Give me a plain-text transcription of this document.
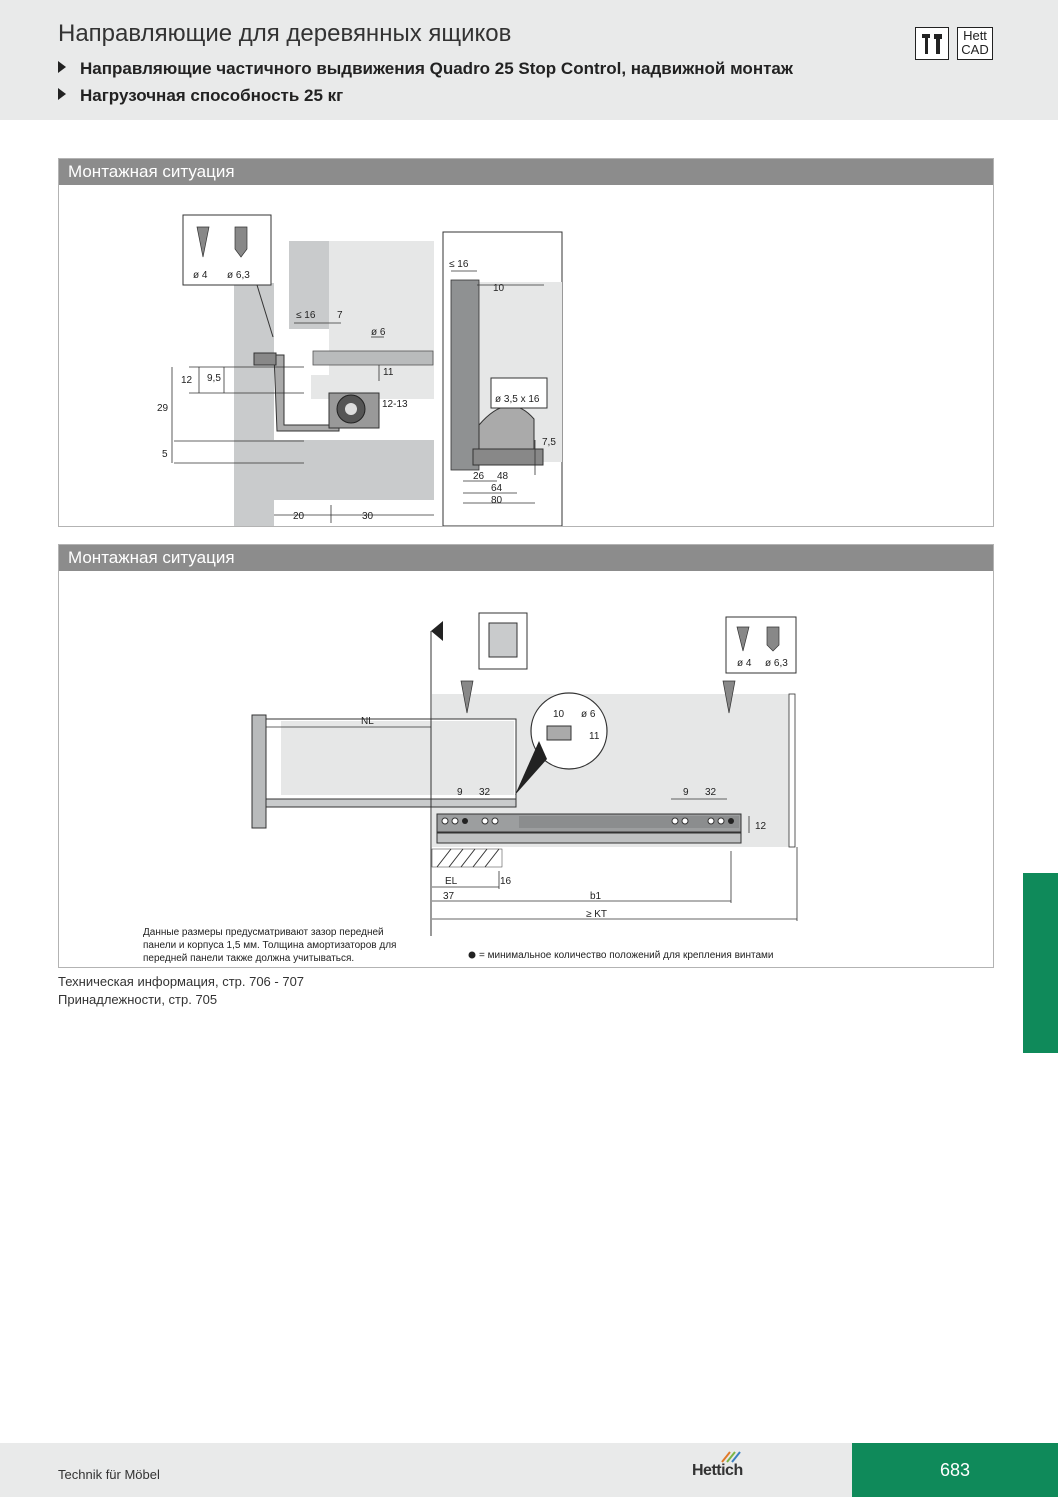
Направляющие для деревянных ящиков
Направляющие частичного выдвижения Quadro 25 Stop Control, надвижной монтаж
Нагрузочная способность 25 кг
Hett
CAD
Монтажная ситуация
ø 4 ø 6,3
≤ 16 7
ø 6
11
12 9,5
29	12-13
5
20	30
ø 3,5 x 16
≤ 16
10
7,5
26 48
64
80
Монтажная ситуация
ø 4 ø 6,3
10 ø 6
11
NL
9 32	9 32
12
EL	16
37	b1
≥ KT
Данные размеры предусматривают зазор передней
панели и корпуса 1,5 мм. Толщина амортизаторов для
передней панели также должна учитываться.	= минимальное количество положений для крепления винтами
Техническая информация, стр. 706 - 707
Принадлежности, стр. 705
Technik für Möbel	Hettich	683
